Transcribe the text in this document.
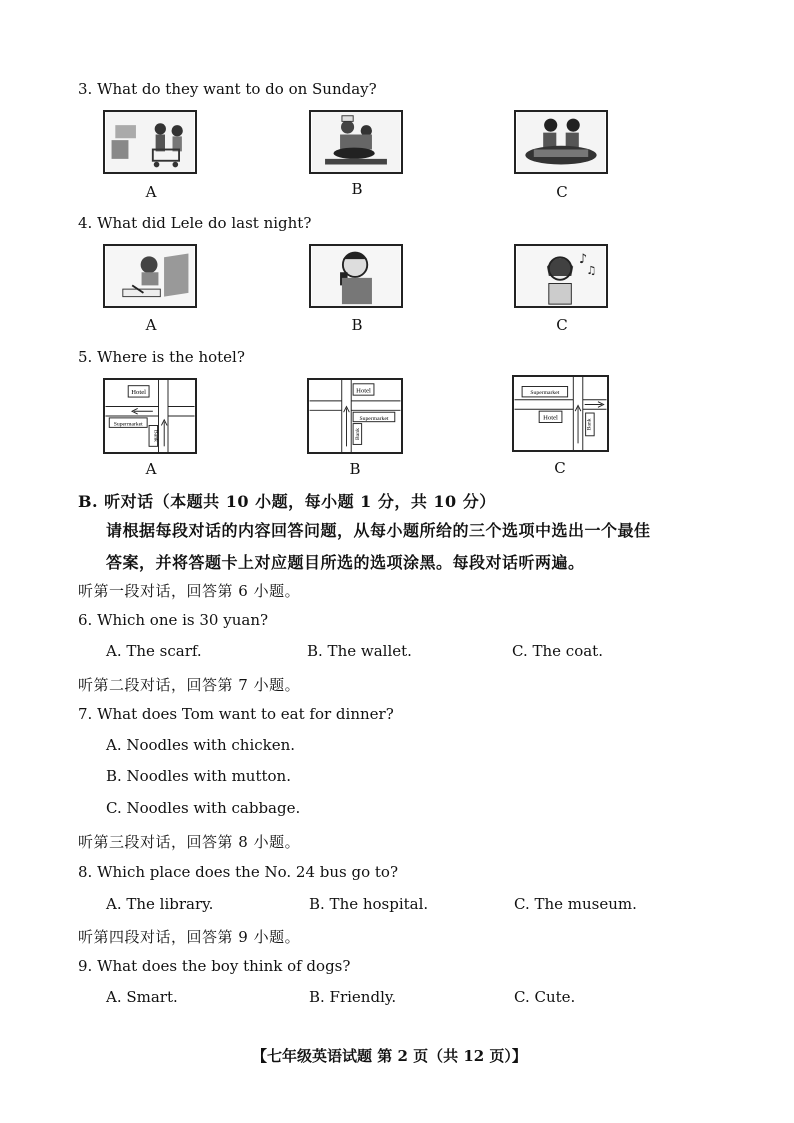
3. What do they want to do on Sunday?
A	B	C
4. What did Lele do last night?
A	B
♪
♫
C
5. Where is the hotel?
Hotel
Supermarket
Bank
A
Hotel
Supermarket
Bank
B
Supermarket
Hotel
Bank
C
B. 听对话（本题共 10 小题，每小题 1 分，共 10 分）
请根据每段对话的内容回答问题，从每小题所给的三个选项中选出一个最佳
答案，并将答题卡上对应题目所选的选项涂黑。每段对话听两遍。
听第一段对话，回答第 6 小题。
6. Which one is 30 yuan?
A. The scarf.	B. The wallet.	C. The coat.
听第二段对话，回答第 7 小题。
7. What does Tom want to eat for dinner?
A. Noodles with chicken.
B. Noodles with mutton.
C. Noodles with cabbage.
听第三段对话，回答第 8 小题。
8. Which place does the No. 24 bus go to?
A. The library.	B. The hospital.	C. The museum.
听第四段对话，回答第 9 小题。
9. What does the boy think of dogs?
A. Smart.	B. Friendly.	C. Cute.
【七年级英语试题 第 2 页（共 12 页）】
